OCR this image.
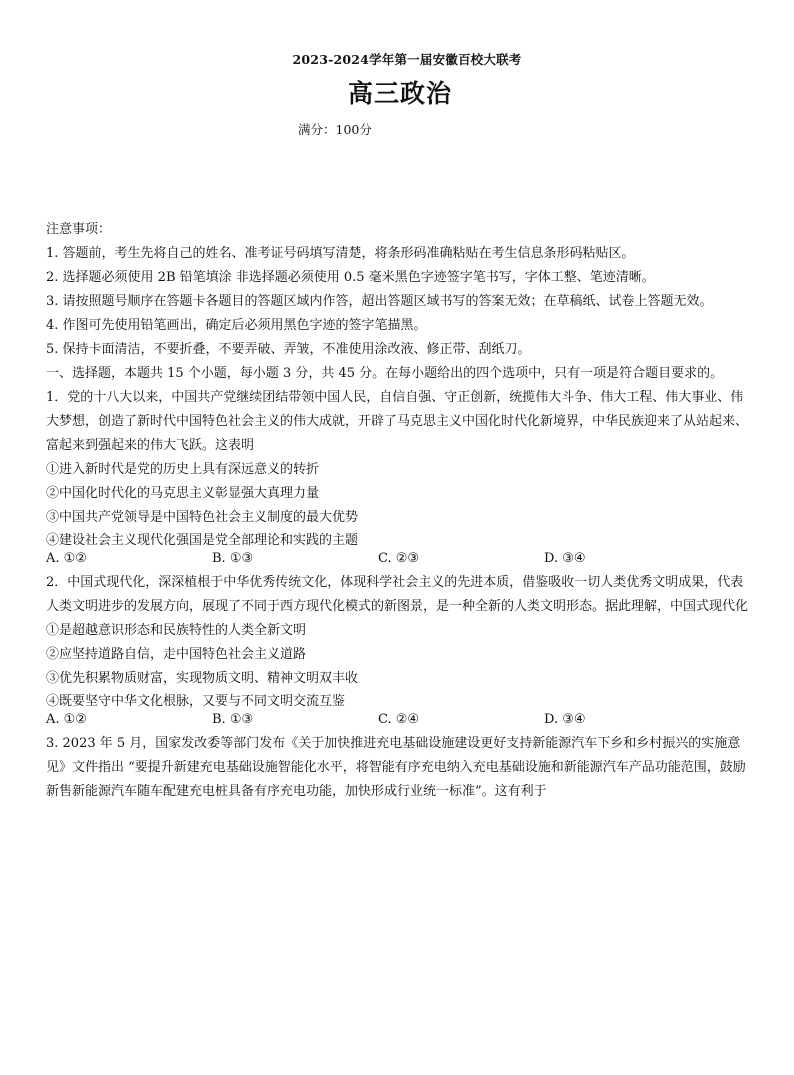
2023-2024学年第一届安徽百校大联考
高三政治
满分：100分

注意事项：

1. 答题前，考生先将自己的姓名、准考证号码填写清楚，将条形码准确粘贴在考生信息条形码粘贴区。

2. 选择题必须使用 2B 铅笔填涂 非选择题必须使用 0.5 毫米黑色字迹签字笔书写，字体工整、笔迹清晰。

3. 请按照题号顺序在答题卡各题目的答题区域内作答，超出答题区域书写的答案无效；在草稿纸、试卷上答题无效。

4. 作图可先使用铅笔画出，确定后必须用黑色字迹的签字笔描黑。

5. 保持卡面清洁，不要折叠，不要弄破、弄皱，不准使用涂改液、修正带、刮纸刀。

一、选择题，本题共 15 个小题，每小题 3 分，共 45 分。在每小题给出的四个选项中，只有一项是符合题目要求的。

1．党的十八大以来，中国共产党继续团结带领中国人民，自信自强、守正创新，统揽伟大斗争、伟大工程、伟大事业、伟大梦想，创造了新时代中国特色社会主义的伟大成就，开辟了马克思主义中国化时代化新境界，中华民族迎来了从站起来、富起来到强起来的伟大飞跃。这表明

①进入新时代是党的历史上具有深远意义的转折

②中国化时代化的马克思主义彰显强大真理力量

③中国共产党领导是中国特色社会主义制度的最大优势

④建设社会主义现代化强国是党全部理论和实践的主题

A. ①②	B. ①③	C. ②③	D. ③④

2．中国式现代化，深深植根于中华优秀传统文化，体现科学社会主义的先进本质，借鉴吸收一切人类优秀文明成果，代表人类文明进步的发展方向，展现了不同于西方现代化模式的新图景，是一种全新的人类文明形态。据此理解，中国式现代化

①是超越意识形态和民族特性的人类全新文明

②应坚持道路自信，走中国特色社会主义道路

③优先积累物质财富，实现物质文明、精神文明双丰收

④既要坚守中华文化根脉，又要与不同文明交流互鉴

A. ①②	B. ①③	C. ②④	D. ③④

3. 2023 年 5 月，国家发改委等部门发布《关于加快推进充电基础设施建设更好支持新能源汽车下乡和乡村振兴的实施意见》文件指出 “要提升新建充电基础设施智能化水平，将智能有序充电纳入充电基础设施和新能源汽车产品功能范围，鼓励新售新能源汽车随车配建充电桩具备有序充电功能，加快形成行业统一标准”。这有利于
